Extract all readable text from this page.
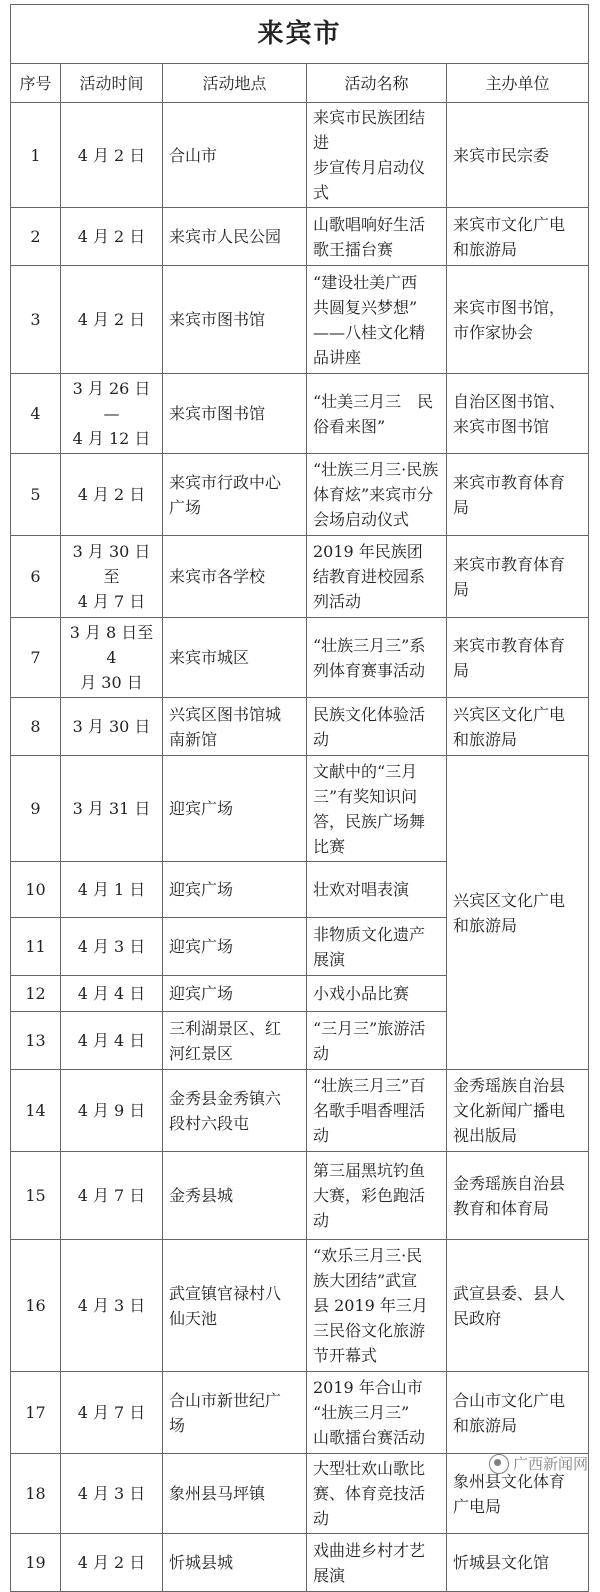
来宾市				
序号	活动时间	活动地点	活动名称	主办单位
1	4 月 2 日	合山市	来宾市民族团结进
步宣传月启动仪式	来宾市民宗委
2	4 月 2 日	来宾市人民公园	山歌唱响好生活
歌王擂台赛	来宾市文化广电
和旅游局
3	4 月 2 日	来宾市图书馆	“建设壮美广西
共圆复兴梦想”
——八桂文化精
品讲座	来宾市图书馆，
市作家协会
4	3 月 26 日—
4 月 12 日	来宾市图书馆	“壮美三月三　民
俗看来图”	自治区图书馆、
来宾市图书馆
5	4 月 2 日	来宾市行政中心
广场	“壮族三月三·民族
体育炫”来宾市分
会场启动仪式	来宾市教育体育
局
6	3 月 30 日至
4 月 7 日	来宾市各学校	2019 年民族团
结教育进校园系
列活动	来宾市教育体育
局
7	3 月 8 日至 4
月 30 日	来宾市城区	“壮族三月三”系
列体育赛事活动	来宾市教育体育
局
8	3 月 30 日	兴宾区图书馆城
南新馆	民族文化体验活
动	兴宾区文化广电
和旅游局
9	3 月 31 日	迎宾广场	文献中的“三月
三”有奖知识问
答，民族广场舞
比赛	兴宾区文化广电
和旅游局
10	4 月 1 日	迎宾广场	壮欢对唱表演	
11	4 月 3 日	迎宾广场	非物质文化遗产
展演	
12	4 月 4 日	迎宾广场	小戏小品比赛	
13	4 月 4 日	三利湖景区、红
河红景区	“三月三”旅游活
动	
14	4 月 9 日	金秀县金秀镇六
段村六段屯	“壮族三月三”百
名歌手唱香哩活
动	金秀瑶族自治县
文化新闻广播电
视出版局
15	4 月 7 日	金秀县城	第三届黑坑钓鱼
大赛，彩色跑活
动	金秀瑶族自治县
教育和体育局
16	4 月 3 日	武宣镇官禄村八
仙天池	“欢乐三月三·民
族大团结”武宣
县 2019 年三月
三民俗文化旅游
节开幕式	武宣县委、县人
民政府
17	4 月 7 日	合山市新世纪广
场	2019 年合山市
“壮族三月三”
山歌擂台赛活动	合山市文化广电
和旅游局
18	4 月 3 日	象州县马坪镇	大型壮欢山歌比
赛、体育竞技活动	象州县文化体育
广电局
19	4 月 2 日	忻城县城	戏曲进乡村才艺
展演	忻城县文化馆
广西新闻网
